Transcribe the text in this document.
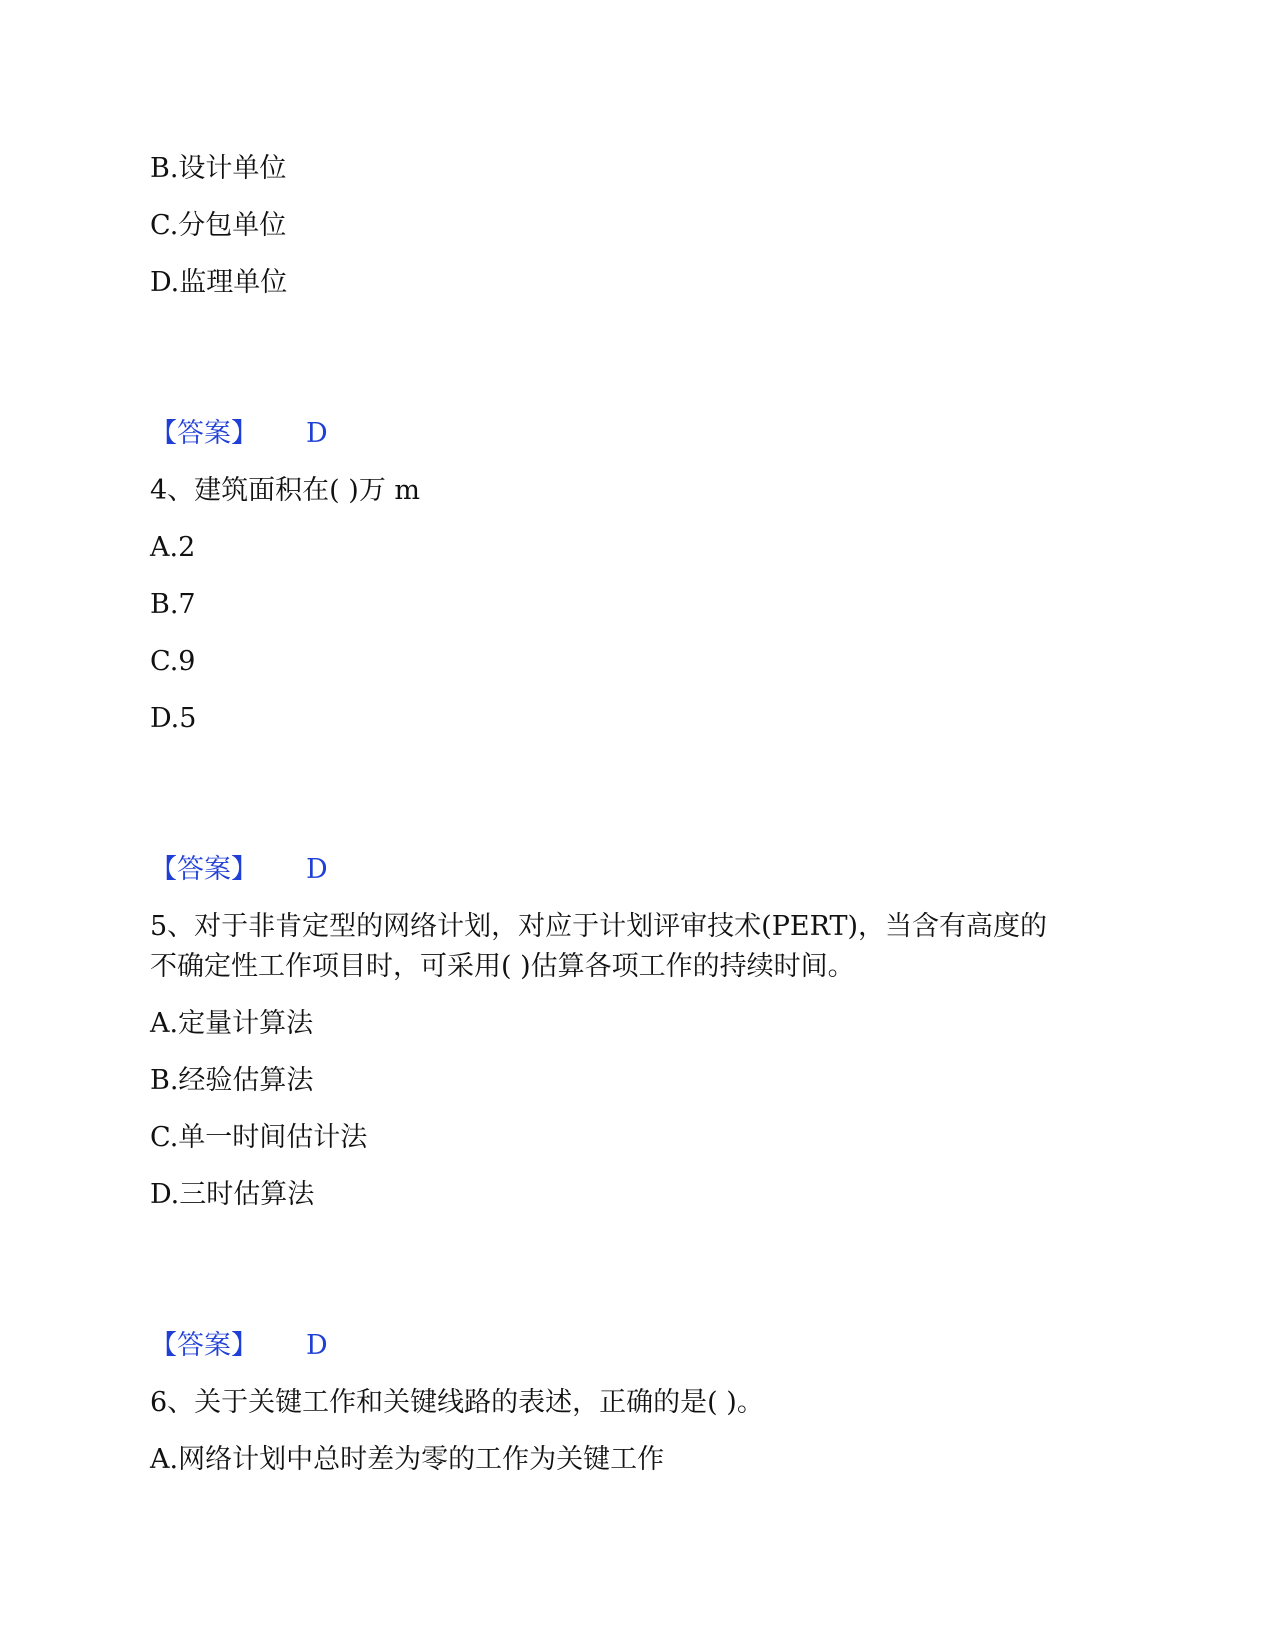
B.设计单位
C.分包单位
D.监理单位
【答案】 D
4、建筑面积在( )万 m
A.2
B.7
C.9
D.5
【答案】 D
5、对于非肯定型的网络计划，对应于计划评审技术(PERT)，当含有高度的
不确定性工作项目时，可采用( )估算各项工作的持续时间。
A.定量计算法
B.经验估算法
C.单一时间估计法
D.三时估算法
【答案】 D
6、关于关键工作和关键线路的表述，正确的是( )。
A.网络计划中总时差为零的工作为关键工作
